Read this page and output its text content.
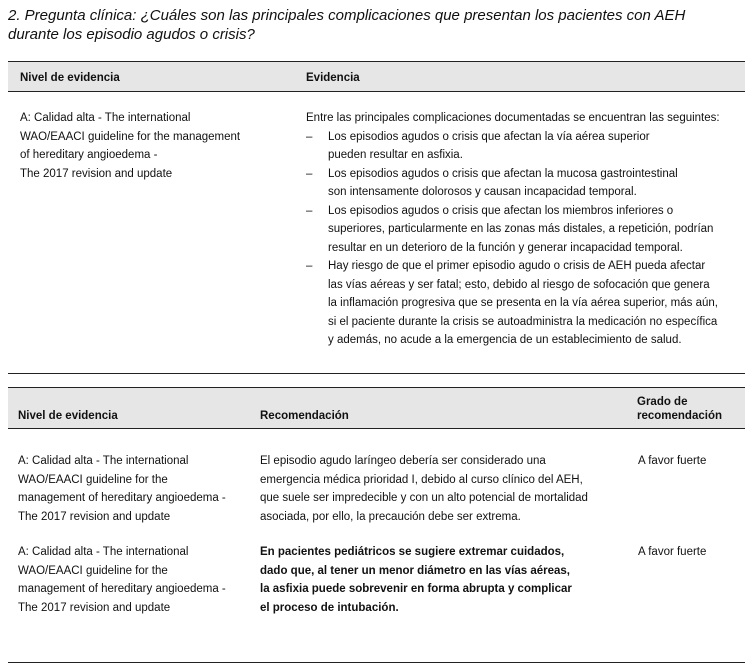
2. Pregunta clínica: ¿Cuáles son las principales complicaciones que presentan los pacientes con AEH
durante los episodio agudos o crisis?
Nivel de evidencia	Evidencia
A: Calidad alta - The international
WAO/EAACI guideline for the management
of hereditary angioedema -
The 2017 revision and update
Entre las principales complicaciones documentadas se encuentran las seguintes:
– Los episodios agudos o crisis que afectan la vía aérea superior
pueden resultar en asfixia.
– Los episodios agudos o crisis que afectan la mucosa gastrointestinal
son intensamente dolorosos y causan incapacidad temporal.
– Los episodios agudos o crisis que afectan los miembros inferiores o
superiores, particularmente en las zonas más distales, a repetición, podrían
resultar en un deterioro de la función y generar incapacidad temporal.
– Hay riesgo de que el primer episodio agudo o crisis de AEH pueda afectar
las vías aéreas y ser fatal; esto, debido al riesgo de sofocación que genera
la inflamación progresiva que se presenta en la vía aérea superior, más aún,
si el paciente durante la crisis se autoadministra la medicación no específica
y además, no acude a la emergencia de un establecimiento de salud.
Nivel de evidencia	Recomendación
Grado de
recomendación
A: Calidad alta - The international
WAO/EAACI guideline for the
management of hereditary angioedema -
The 2017 revision and update
El episodio agudo laríngeo debería ser considerado una
emergencia médica prioridad I, debido al curso clínico del AEH,
que suele ser impredecible y con un alto potencial de mortalidad
asociada, por ello, la precaución debe ser extrema.
A favor fuerte
A: Calidad alta - The international
WAO/EAACI guideline for the
management of hereditary angioedema -
The 2017 revision and update
En pacientes pediátricos se sugiere extremar cuidados,
dado que, al tener un menor diámetro en las vías aéreas,
la asfixia puede sobrevenir en forma abrupta y complicar
el proceso de intubación.
A favor fuerte
